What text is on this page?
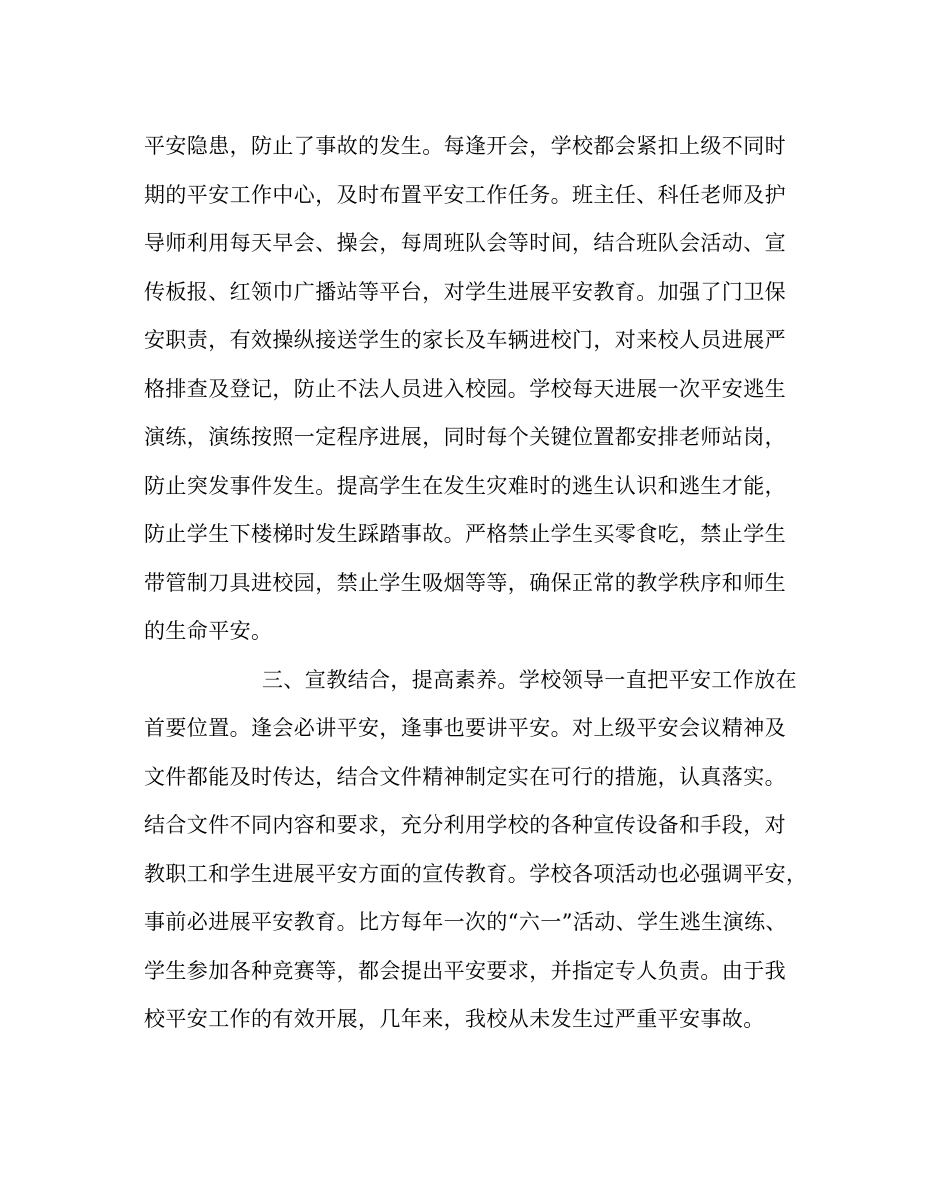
平安隐患，防止了事故的发生。每逢开会，学校都会紧扣上级不同时
期的平安工作中心，及时布置平安工作任务。班主任、科任老师及护
导师利用每天早会、操会，每周班队会等时间，结合班队会活动、宣
传板报、红领巾广播站等平台，对学生进展平安教育。加强了门卫保
安职责，有效操纵接送学生的家长及车辆进校门，对来校人员进展严
格排查及登记，防止不法人员进入校园。学校每天进展一次平安逃生
演练，演练按照一定程序进展，同时每个关键位置都安排老师站岗，
防止突发事件发生。提高学生在发生灾难时的逃生认识和逃生才能，
防止学生下楼梯时发生踩踏事故。严格禁止学生买零食吃，禁止学生
带管制刀具进校园，禁止学生吸烟等等，确保正常的教学秩序和师生
的生命平安。
三、宣教结合，提高素养。学校领导一直把平安工作放在
首要位置。逢会必讲平安，逢事也要讲平安。对上级平安会议精神及
文件都能及时传达，结合文件精神制定实在可行的措施，认真落实。
结合文件不同内容和要求，充分利用学校的各种宣传设备和手段，对
教职工和学生进展平安方面的宣传教育。学校各项活动也必强调平安，
事前必进展平安教育。比方每年一次的“六一”活动、学生逃生演练、
学生参加各种竞赛等，都会提出平安要求，并指定专人负责。由于我
校平安工作的有效开展，几年来，我校从未发生过严重平安事故。
